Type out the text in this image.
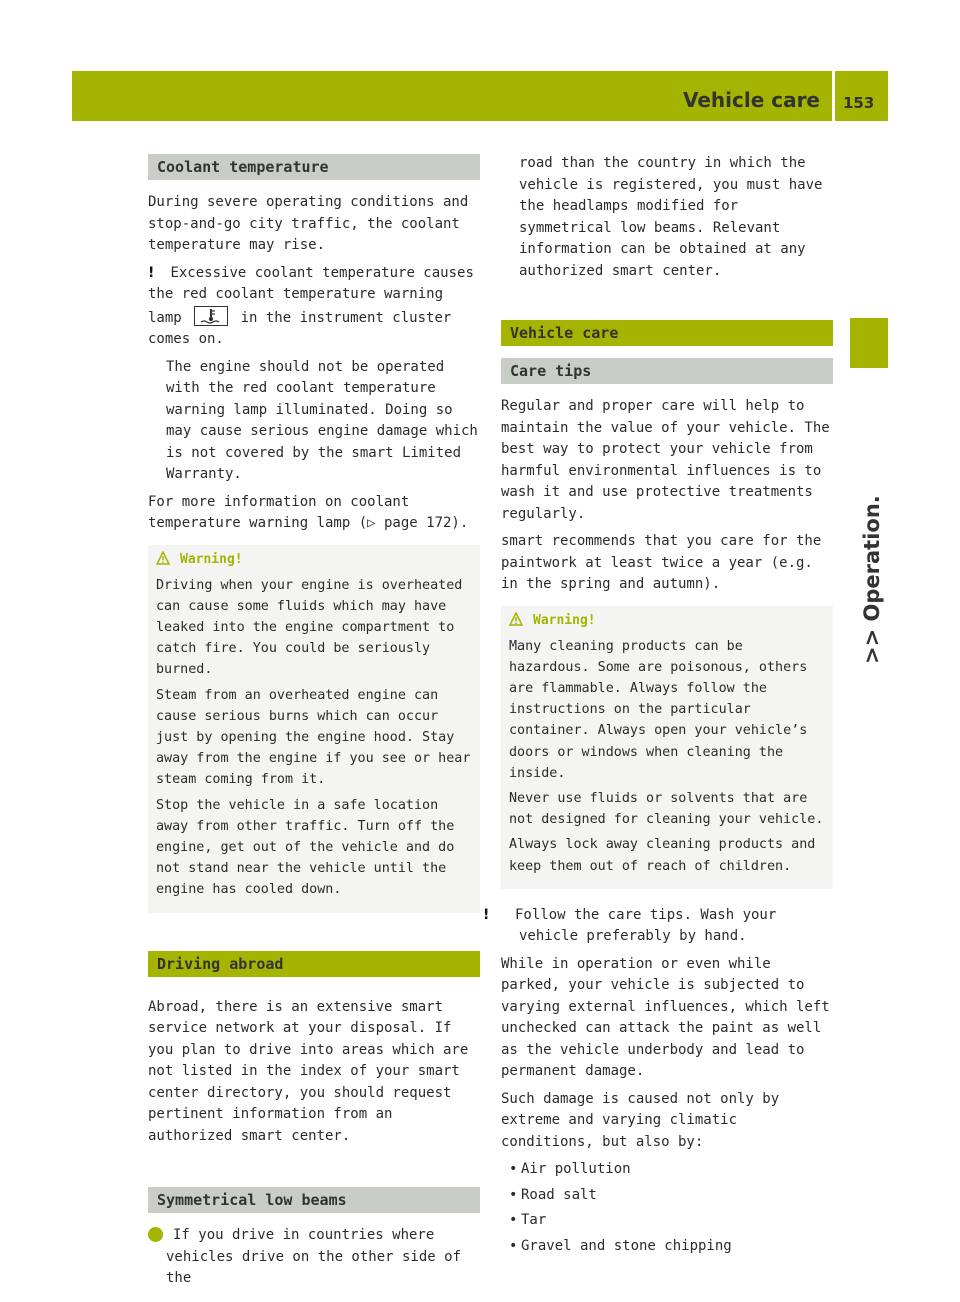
Vehicle care 153
>> Operation.
Coolant temperature

During severe operating conditions and stop-and-go city traffic, the coolant temperature may rise.

! Excessive coolant temperature causes the red coolant temperature warning lamp	in the instrument cluster comes on.

The engine should not be operated with the red coolant temperature warning lamp illuminated. Doing so may cause serious engine damage which is not covered by the smart Limited Warranty.

For more information on coolant temperature warning lamp (▷ page 172).

Warning!

Driving when your engine is overheated can cause some fluids which may have leaked into the engine compartment to catch fire. You could be seriously burned.

Steam from an overheated engine can cause serious burns which can occur just by opening the engine hood. Stay away from the engine if you see or hear steam coming from it.

Stop the vehicle in a safe location away from other traffic. Turn off the engine, get out of the vehicle and do not stand near the vehicle until the engine has cooled down.

Driving abroad

Abroad, there is an extensive smart service network at your disposal. If you plan to drive into areas which are not listed in the index of your smart center directory, you should request pertinent information from an authorized smart center.

Symmetrical low beams

i If you drive in countries where vehicles drive on the other side of the

road than the country in which the vehicle is registered, you must have the headlamps modified for symmetrical low beams. Relevant information can be obtained at any authorized smart center.

Vehicle care
Care tips

Regular and proper care will help to maintain the value of your vehicle. The best way to protect your vehicle from harmful environmental influences is to wash it and use protective treatments regularly.

smart recommends that you care for the paintwork at least twice a year (e.g. in the spring and autumn).

Warning!

Many cleaning products can be hazardous. Some are poisonous, others are flammable. Always follow the instructions on the particular container. Always open your vehicle’s doors or windows when cleaning the inside.

Never use fluids or solvents that are not designed for cleaning your vehicle.

Always lock away cleaning products and keep them out of reach of children.

! Follow the care tips. Wash your vehicle preferably by hand.

While in operation or even while parked, your vehicle is subjected to varying external influences, which left unchecked can attack the paint as well as the vehicle underbody and lead to permanent damage.

Such damage is caused not only by extreme and varying climatic conditions, but also by:

• Air pollution

• Road salt

• Tar

• Gravel and stone chipping
